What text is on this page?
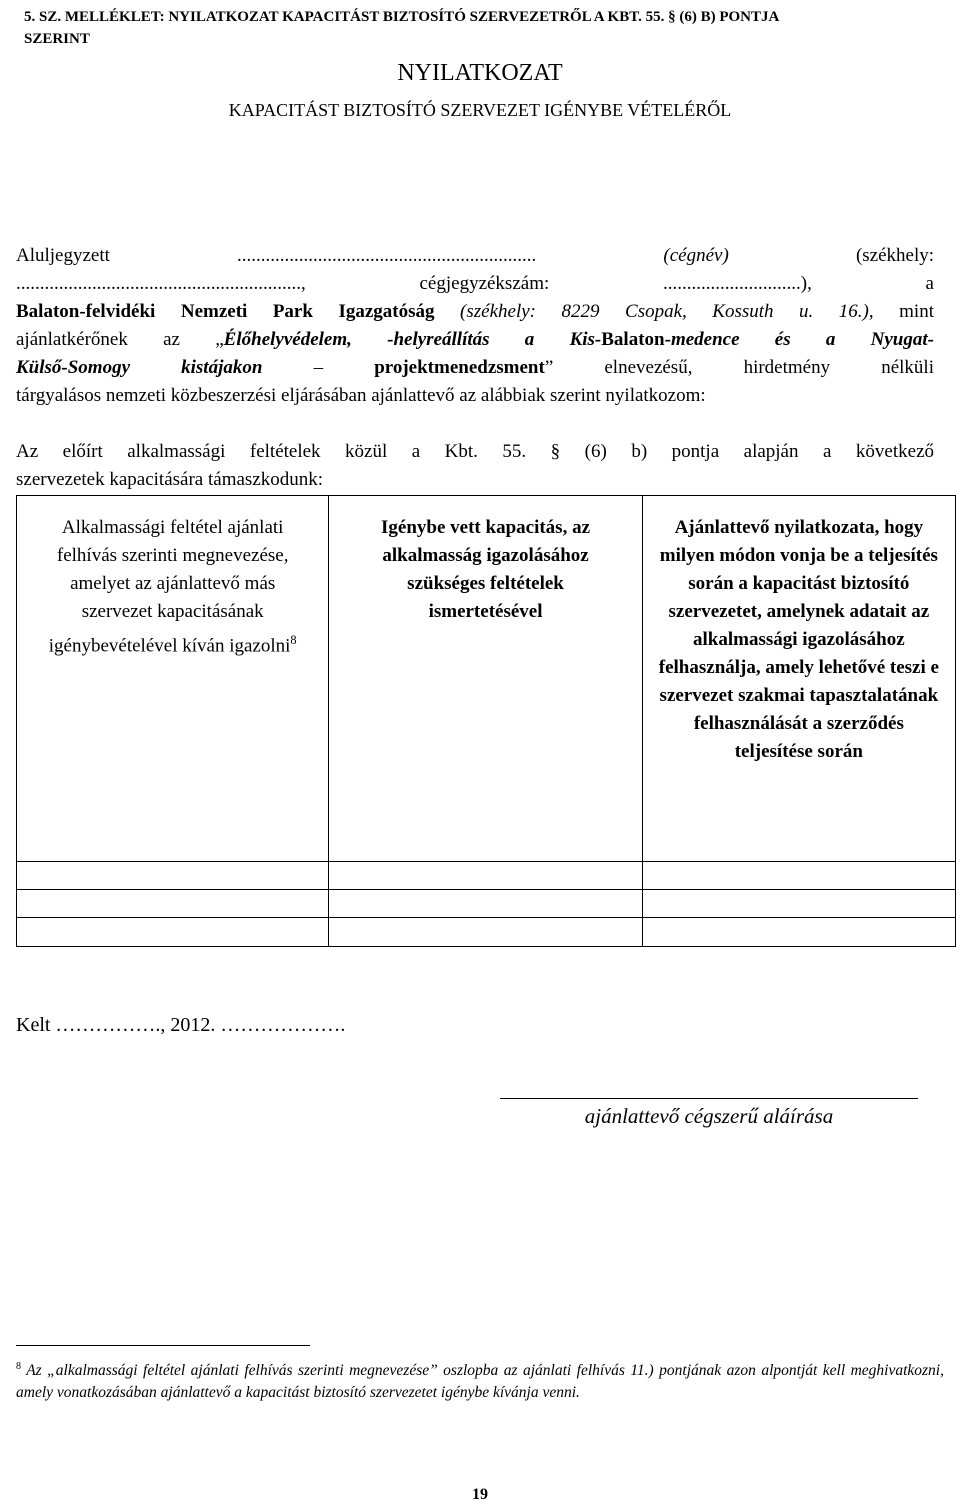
5. SZ. MELLÉKLET: NYILATKOZAT KAPACITÁST BIZTOSÍTÓ SZERVEZETRŐL A KBT. 55. § (6) B) PONTJA
SZERINT
NYILATKOZAT
KAPACITÁST BIZTOSÍTÓ SZERVEZET IGÉNYBE VÉTELÉRŐL
Aluljegyzett ...............................................................	(cégnév)	(székhely:
............................................................, cégjegyzékszám: .............................), a
Balaton-felvidéki Nemzeti Park Igazgatóság (székhely: 8229 Csopak, Kossuth u. 16.), mint
ajánlatkérőnek az „Élőhelyvédelem, -helyreállítás a Kis-Balaton-medence és a Nyugat-
Külső-Somogy kistájakon	–	projektmenedzsment” elnevezésű, hirdetmény nélküli
tárgyalásos nemzeti közbeszerzési eljárásában ajánlattevő az alábbiak szerint nyilatkozom:
Az előírt alkalmassági feltételek közül a Kbt. 55. § (6) b) pontja alapján a következő
szervezetek kapacitására támaszkodunk:
Alkalmassági feltétel ajánlati felhívás szerinti megnevezése, amelyet az ajánlattevő más szervezet kapacitásának igénybevételével kíván igazolni$^8$	Igénybe vett kapacitás, az alkalmasság igazolásához szükséges feltételek ismertetésével	Ajánlattevő nyilatkozata, hogy milyen módon vonja be a teljesítés során a kapacitást biztosító szervezetet, amelynek adatait az alkalmassági igazolásához felhasználja, amely lehetővé teszi e szervezet szakmai tapasztalatának felhasználását a szerződés teljesítése során

Kelt ……………., 2012. ……………….
ajánlattevő cégszerű aláírása
$^8$ Az „alkalmassági feltétel ajánlati felhívás szerinti megnevezése” oszlopba az ajánlati felhívás 11.) pontjának azon alpontját kell meghivatkozni, amely vonatkozásában ajánlattevő a kapacitást biztosító szervezetet igénybe kívánja venni.
19
